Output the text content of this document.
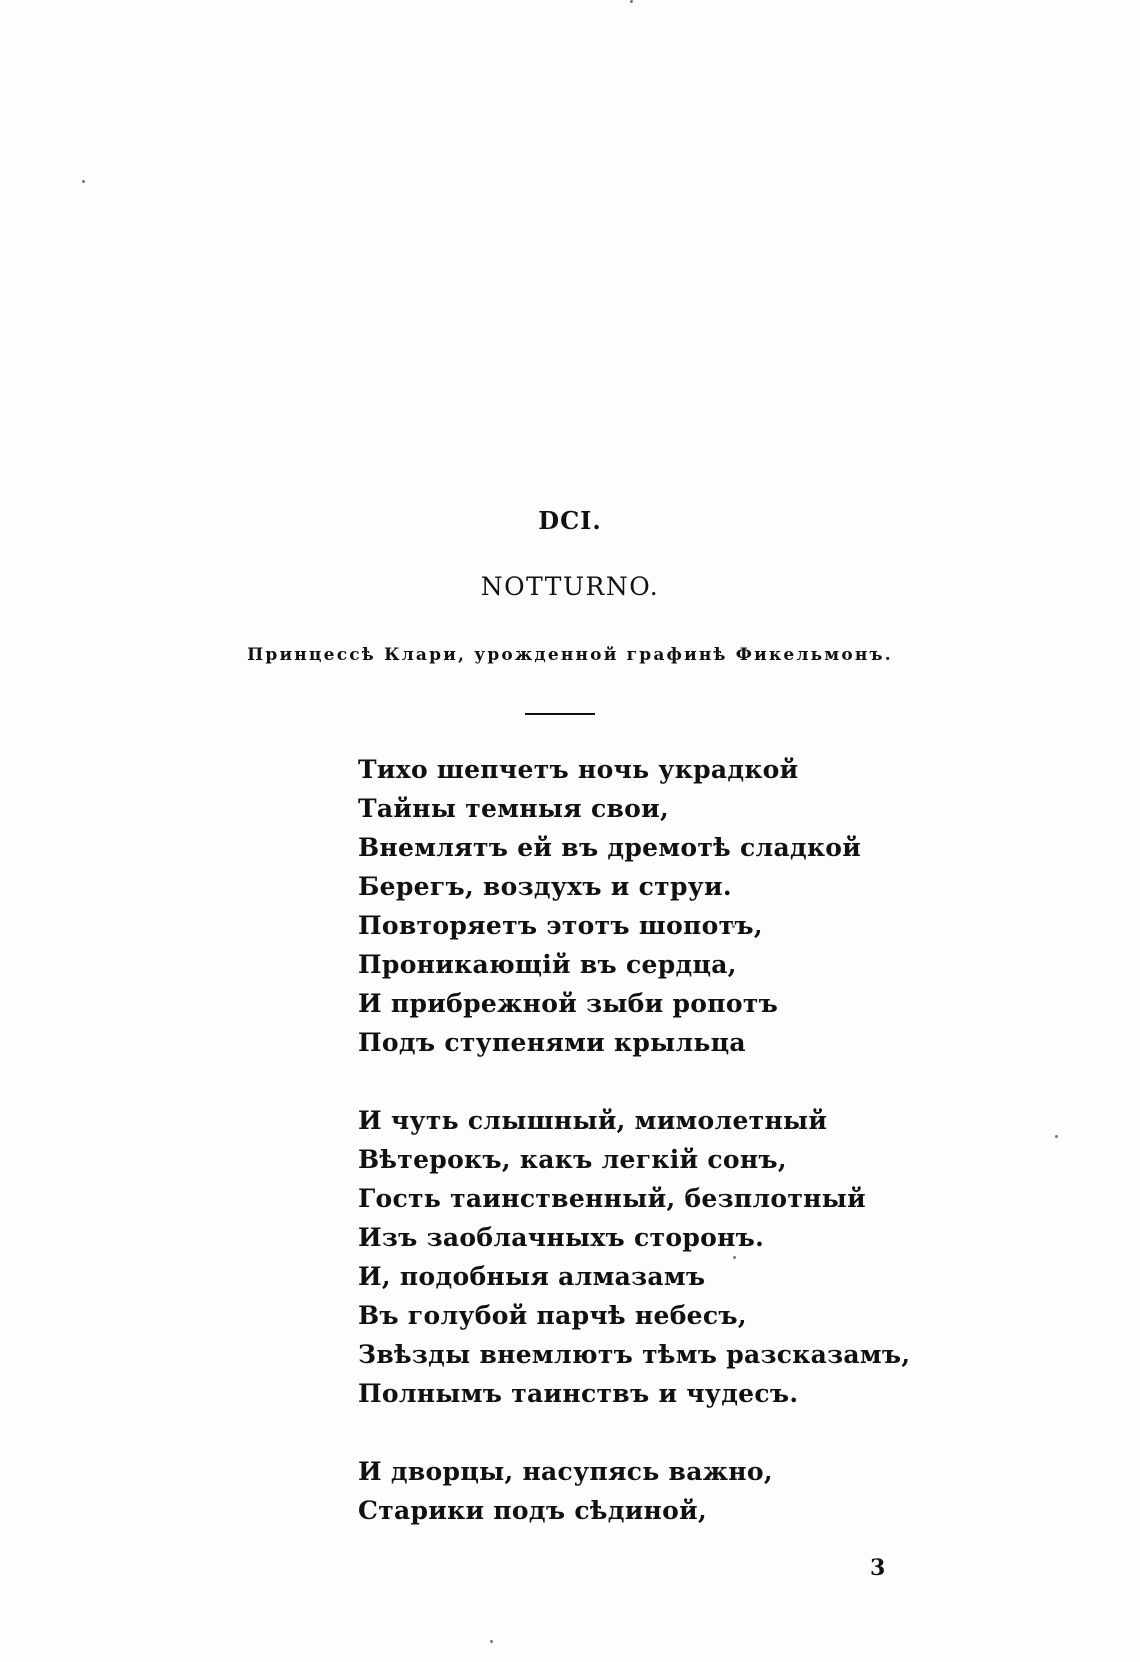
DCI.
NOTTURNO.
Принцессѣ Клари, урожденной графинѣ Фикельмонъ.
Тихо шепчетъ ночь украдкой
Тайны темныя свои,
Внемлятъ ей въ дремотѣ сладкой
Берегъ, воздухъ и струи.
Повторяетъ этотъ шопотъ,
Проникающій въ сердца,
И прибрежной зыби ропотъ
Подъ ступенями крыльца
И чуть слышный, мимолетный
Вѣтерокъ, какъ легкій сонъ,
Гость таинственный, безплотный
Изъ заоблачныхъ сторонъ.
И, подобныя алмазамъ
Въ голубой парчѣ небесъ,
Звѣзды внемлютъ тѣмъ разсказамъ,
Полнымъ таинствъ и чудесъ.
И дворцы, насупясь важно,
Старики подъ сѣдиной,
3
